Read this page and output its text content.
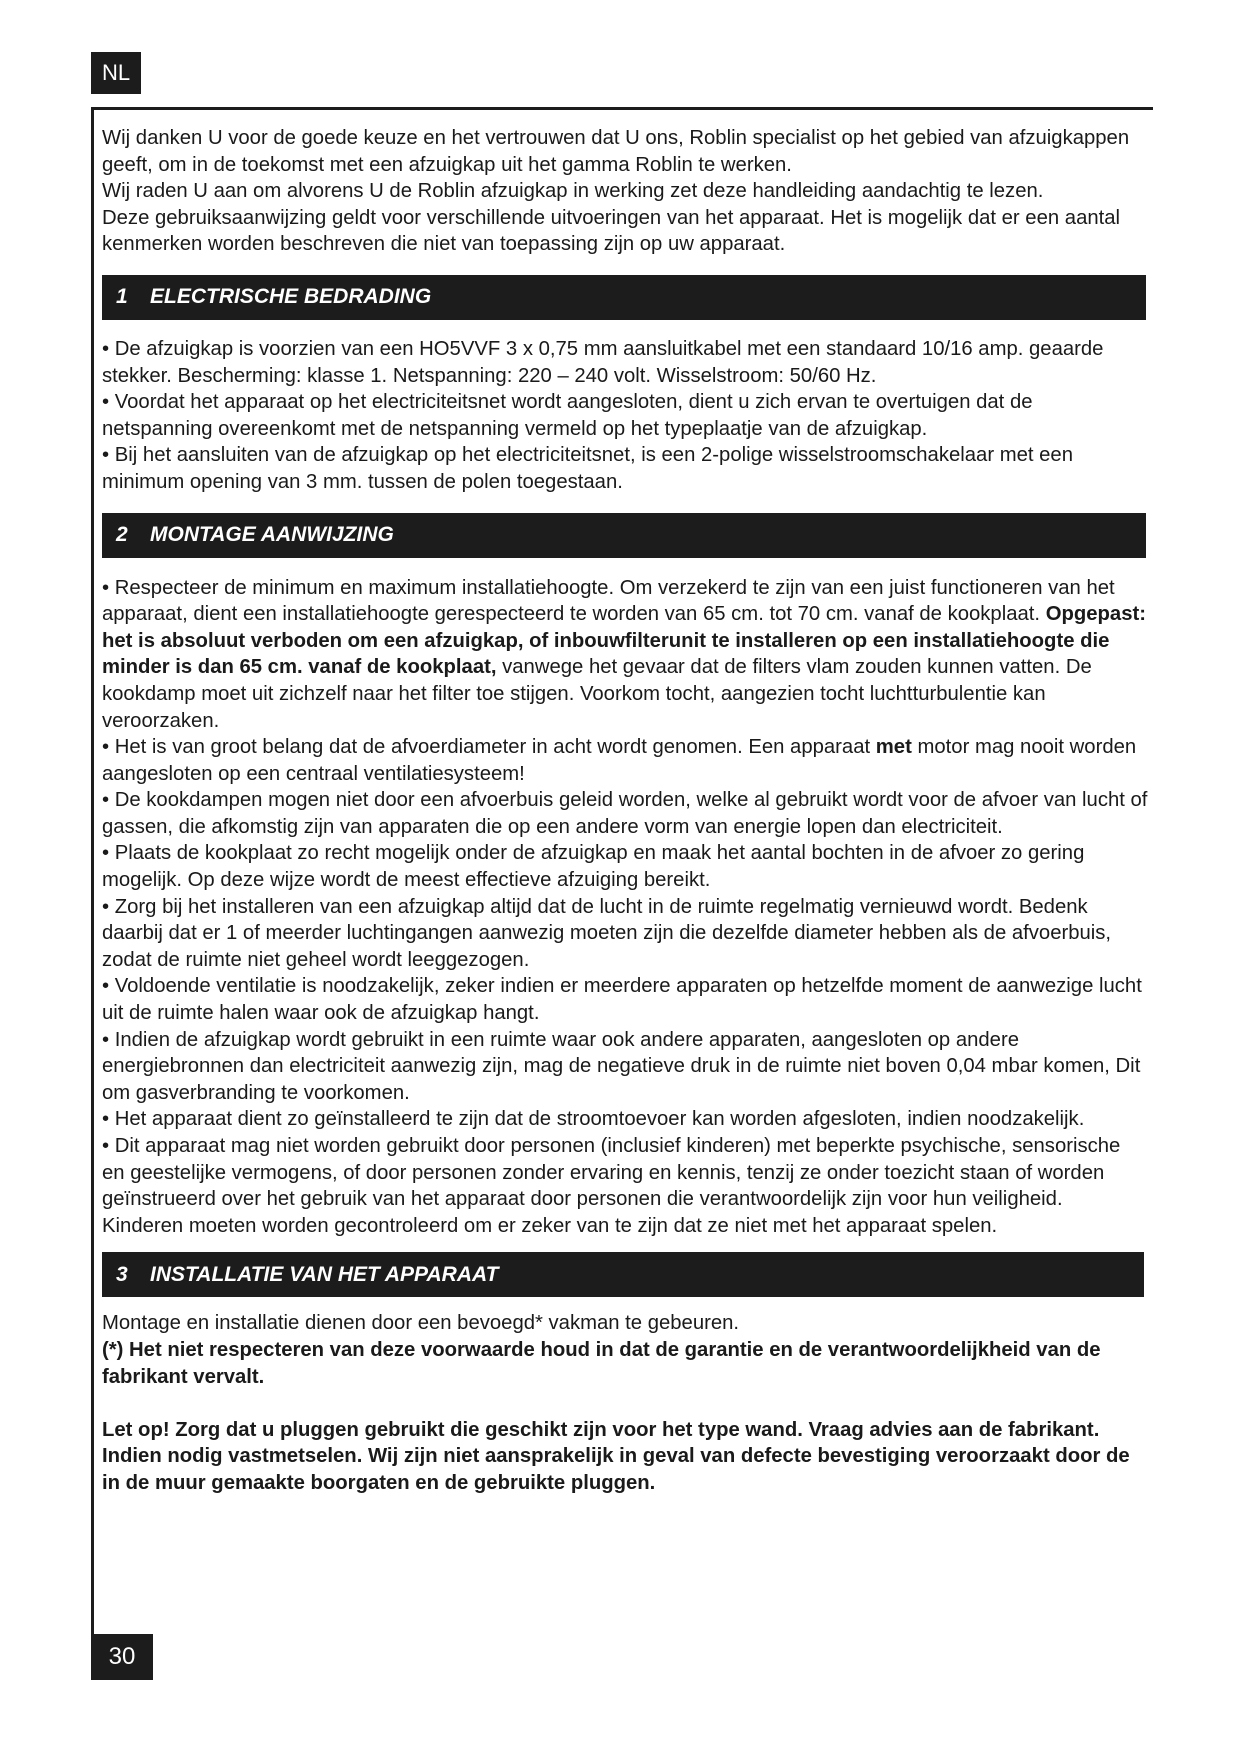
NL

Wij danken U voor de goede keuze en het vertrouwen dat U ons, Roblin specialist op het gebied van afzuigkappen geeft, om in de toekomst met een afzuigkap uit het gamma Roblin te werken.

Wij raden U aan om alvorens U de Roblin afzuigkap in werking zet deze handleiding aandachtig te lezen.

Deze gebruiksaanwijzing geldt voor verschillende uitvoeringen van het apparaat. Het is mogelijk dat er een aantal kenmerken worden beschreven die niet van toepassing zijn op uw apparaat.

1	ELECTRISCHE BEDRADING

• De afzuigkap is voorzien van een HO5VVF 3 x 0,75 mm aansluitkabel met een standaard 10/16 amp. geaarde stekker. Bescherming: klasse 1. Netspanning: 220 – 240 volt. Wisselstroom: 50/60 Hz.

• Voordat het apparaat op het electriciteitsnet wordt aangesloten, dient u zich ervan te overtuigen dat de netspanning overeenkomt met de netspanning vermeld op het typeplaatje van de afzuigkap.

• Bij het aansluiten van de afzuigkap op het electriciteitsnet, is een 2-polige wisselstroomschakelaar met een minimum opening van 3 mm. tussen de polen toegestaan.

2	MONTAGE AANWIJZING

• Respecteer de minimum en maximum installatiehoogte. Om verzekerd te zijn van een juist functioneren van het apparaat, dient een installatiehoogte gerespecteerd te worden van 65 cm. tot 70 cm. vanaf de kookplaat. Opgepast: het is absoluut verboden om een afzuigkap, of inbouwfilterunit te installeren op een installatiehoogte die minder is dan 65 cm. vanaf de kookplaat, vanwege het gevaar dat de filters vlam zouden kunnen vatten. De kookdamp moet uit zichzelf naar het filter toe stijgen. Voorkom tocht, aangezien tocht luchtturbulentie kan veroorzaken.

• Het is van groot belang dat de afvoerdiameter in acht wordt genomen. Een apparaat met motor mag nooit worden aangesloten op een centraal ventilatiesysteem!

• De kookdampen mogen niet door een afvoerbuis geleid worden, welke al gebruikt wordt voor de afvoer van lucht of gassen, die afkomstig zijn van apparaten die op een andere vorm van energie lopen dan electriciteit.

• Plaats de kookplaat zo recht mogelijk onder de afzuigkap en maak het aantal bochten in de afvoer zo gering mogelijk. Op deze wijze wordt de meest effectieve afzuiging bereikt.

• Zorg bij het installeren van een afzuigkap altijd dat de lucht in de ruimte regelmatig vernieuwd wordt. Bedenk daarbij dat er 1 of meerder luchtingangen aanwezig moeten zijn die dezelfde diameter hebben als de afvoerbuis, zodat de ruimte niet geheel wordt leeggezogen.

• Voldoende ventilatie is noodzakelijk, zeker indien er meerdere apparaten op hetzelfde moment de aanwezige lucht uit de ruimte halen waar ook de afzuigkap hangt.

• Indien de afzuigkap wordt gebruikt in een ruimte waar ook andere apparaten, aangesloten op andere energiebronnen dan electriciteit aanwezig zijn, mag de negatieve druk in de ruimte niet boven 0,04 mbar komen, Dit om gasverbranding te voorkomen.

• Het apparaat dient zo geïnstalleerd te zijn dat de stroomtoevoer kan worden afgesloten, indien noodzakelijk.

• Dit apparaat mag niet worden gebruikt door personen (inclusief kinderen) met beperkte psychische, sensorische en geestelijke vermogens, of door personen zonder ervaring en kennis, tenzij ze onder toezicht staan of worden geïnstrueerd over het gebruik van het apparaat door personen die verantwoordelijk zijn voor hun veiligheid.

Kinderen moeten worden gecontroleerd om er zeker van te zijn dat ze niet met het apparaat spelen.

3	INSTALLATIE VAN HET APPARAAT

Montage en installatie dienen door een bevoegd* vakman te gebeuren.

(*) Het niet respecteren van deze voorwaarde houd in dat de garantie en de verantwoordelijkheid van de fabrikant vervalt.

Let op! Zorg dat u pluggen gebruikt die geschikt zijn voor het type wand. Vraag advies aan de fabrikant. Indien nodig vastmetselen. Wij zijn niet aansprakelijk in geval van defecte bevestiging veroorzaakt door de in de muur gemaakte boorgaten en de gebruikte pluggen.

30
